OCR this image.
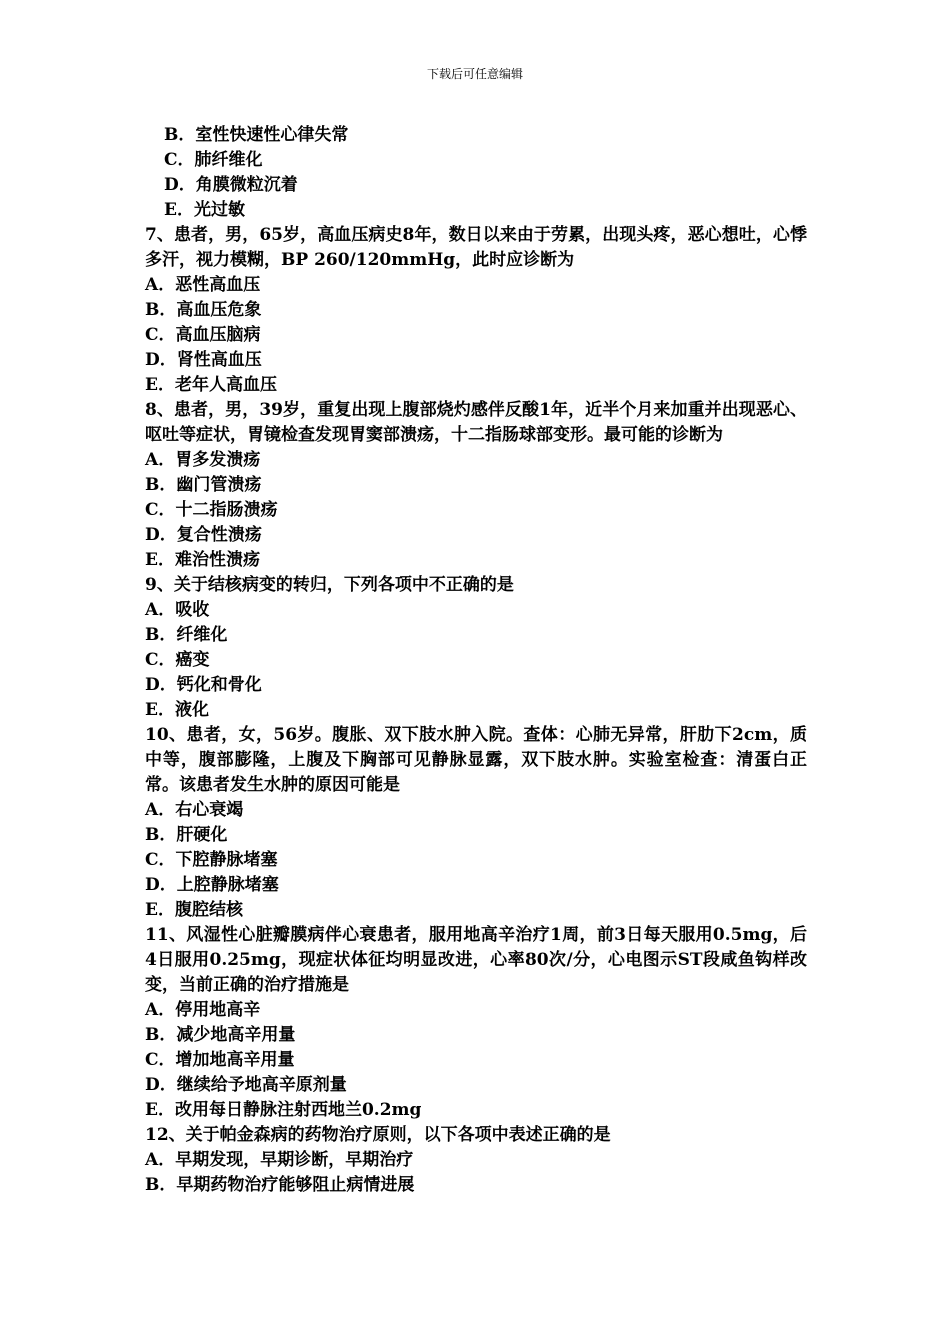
下载后可任意编辑
B．室性快速性心律失常
C．肺纤维化
D．角膜微粒沉着
E．光过敏
7、患者，男，65岁，高血压病史8年，数日以来由于劳累，出现头疼，恶心想吐，心悸多汗，视力模糊，BP 260/120mmHg，此时应诊断为
A．恶性高血压
B．高血压危象
C．高血压脑病
D．肾性高血压
E．老年人高血压
8、患者，男，39岁，重复出现上腹部烧灼感伴反酸1年，近半个月来加重并出现恶心、呕吐等症状，胃镜检查发现胃窦部溃疡，十二指肠球部变形。最可能的诊断为
A．胃多发溃疡
B．幽门管溃疡
C．十二指肠溃疡
D．复合性溃疡
E．难治性溃疡
9、关于结核病变的转归，下列各项中不正确的是
A．吸收
B．纤维化
C．癌变
D．钙化和骨化
E．液化
10、患者，女，56岁。腹胀、双下肢水肿入院。查体：心肺无异常，肝肋下2cm，质中等，腹部膨隆，上腹及下胸部可见静脉显露，双下肢水肿。实验室检查：清蛋白正常。该患者发生水肿的原因可能是
A．右心衰竭
B．肝硬化
C．下腔静脉堵塞
D．上腔静脉堵塞
E．腹腔结核
11、风湿性心脏瓣膜病伴心衰患者，服用地高辛治疗1周，前3日每天服用0.5mg，后4日服用0.25mg，现症状体征均明显改进，心率80次/分，心电图示ST段咸鱼钩样改变，当前正确的治疗措施是
A．停用地高辛
B．减少地高辛用量
C．增加地高辛用量
D．继续给予地高辛原剂量
E．改用每日静脉注射西地兰0.2mg
12、关于帕金森病的药物治疗原则，以下各项中表述正确的是
A．早期发现，早期诊断，早期治疗
B．早期药物治疗能够阻止病情进展
